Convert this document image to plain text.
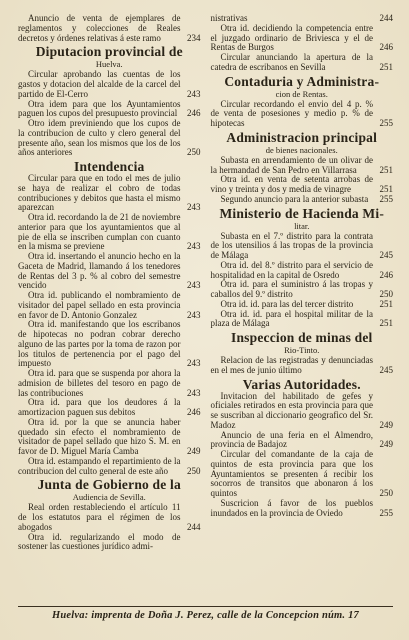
Anuncio de venta de ejemplares de reglamentos y colecciones de Reales decretos y órdenes relativas á este ramo	234
Diputacion provincial de
Huelva.
Circular aprobando las cuentas de los gastos y dotacion del alcalde de la carcel del partido de El-Cerro	243
Otra idem para que los Ayuntamientos paguen los cupos del presupuesto provincial	246
Otro idem previniendo que los cupos de la contribucion de culto y clero general del presente año, sean los mismos que los de los años anteriores	250
Intendencia
Circular para que en todo el mes de julio se haya de realizar el cobro de todas contribuciones y debitos que hasta el mismo aparezcan	243
Otra id. recordando la de 21 de noviembre anterior para que los ayuntamientos que al pie de ella se inscriben cumplan con cuanto en la misma se previene	243
Otra id. insertando el anuncio hecho en la Gaceta de Madrid, llamando á los tenedores de Rentas del 3 p. % al cobro del semestre vencido	243
Otra id. publicando el nombramiento de visitador del papel sellado en esta provincia en favor de D. Antonio Gonzalez	243
Otra id. manifestando que los escribanos de hipotecas no podran cobrar derecho alguno de las partes por la toma de razon por los titulos de pertenencia por el pago del impuesto	243
Otra id. para que se suspenda por ahora la admision de billetes del tesoro en pago de las contribuciones	243
Otra id. para que los deudores á la amortizacion paguen sus debitos	246
Otra id. por la que se anuncia haber quedado sin efecto el nombramiento de visitador de papel sellado que hizo S. M. en favor de D. Miguel María Camba	249
Otra id. estampando el repartimiento de la contribucion del culto general de este año	250
Junta de Gobierno de la
Audiencia de Sevilla.
Real orden restableciendo el artículo 11 de los estatutos para el régimen de los abogados	244
Otra id. regularizando el modo de sostener las cuestiones jurídico admi-
nistrativas	244
Otra id. decidiendo la competencia entre el juzgado ordinario de Briviesca y el de Rentas de Burgos	246
Circular anunciando la apertura de la catedra de escribanos en Sevilla	251
Contaduria y Administra-
cion de Rentas.
Circular recordando el envio del 4 p. % de venta de posesiones y medio p. % de hipotecas	255
Administracion principal
de bienes nacionales.
Subasta en arrendamiento de un olivar de la hermandad de San Pedro en Villarrasa	251
Otra id. en venta de setenta arrobas de vino y treinta y dos y media de vinagre	251
Segundo anuncio para la anterior subasta	255
Ministerio de Hacienda Mi-
litar.
Subasta en el 7.º distrito para la contrata de los utensilios á las tropas de la provincia de Málaga	245
Otra id. del 8.º distrito para el servicio de hospitalidad en la capital de Osredo	246
Otra id. para el suministro á las tropas y caballos del 9.º distrito	250
Otra id. id. para las del tercer distrito	251
Otra id. id. para el hospital militar de la plaza de Málaga	251
Inspeccion de minas del
Rio-Tinto.
Relacion de las registradas y denunciadas en el mes de junio último	245
Varias Autoridades.
Invitacion del habilitado de gefes y oficiales retirados en esta provincia para que se suscriban al diccionario geografico del Sr. Madoz	249
Anuncio de una feria en el Almendro, provincia de Badajoz	249
Circular del comandante de la caja de quintos de esta provincia para que los Ayuntamientos se presenten á recibir los socorros de transitos que abonaron á los quintos	250
Suscricion á favor de los pueblos inundados en la provincia de Oviedo	255
Huelva: imprenta de Doña J. Perez, calle de la Concepcion núm. 17
